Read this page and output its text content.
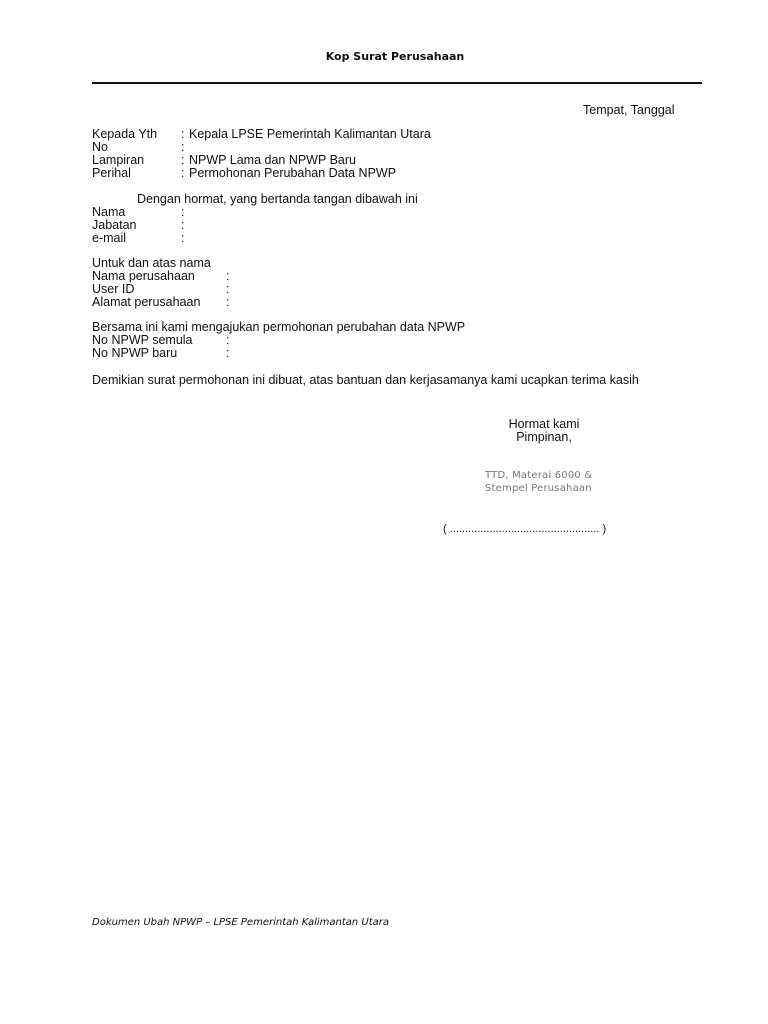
Kop Surat Perusahaan
Tempat, Tanggal
Kepada Yth : Kepala LPSE Pemerintah Kalimantan Utara
No	:
Lampiran	: NPWP Lama dan NPWP Baru
Perihal	: Permohonan Perubahan Data NPWP
Dengan hormat, yang bertanda tangan dibawah ini
Nama	:
Jabatan	:
e-mail	:
Untuk dan atas nama
Nama perusahaan :
User ID	:
Alamat perusahaan :
Bersama ini kami mengajukan permohonan perubahan data NPWP
No NPWP semula	:
No NPWP baru	:
Demikian surat permohonan ini dibuat, atas bantuan dan kerjasamanya kami ucapkan terima kasih
Hormat kami
Pimpinan,
TTD, Materai 6000 &
Stempel Perusahaan
( ................................................. )
Dokumen Ubah NPWP – LPSE Pemerintah Kalimantan Utara
